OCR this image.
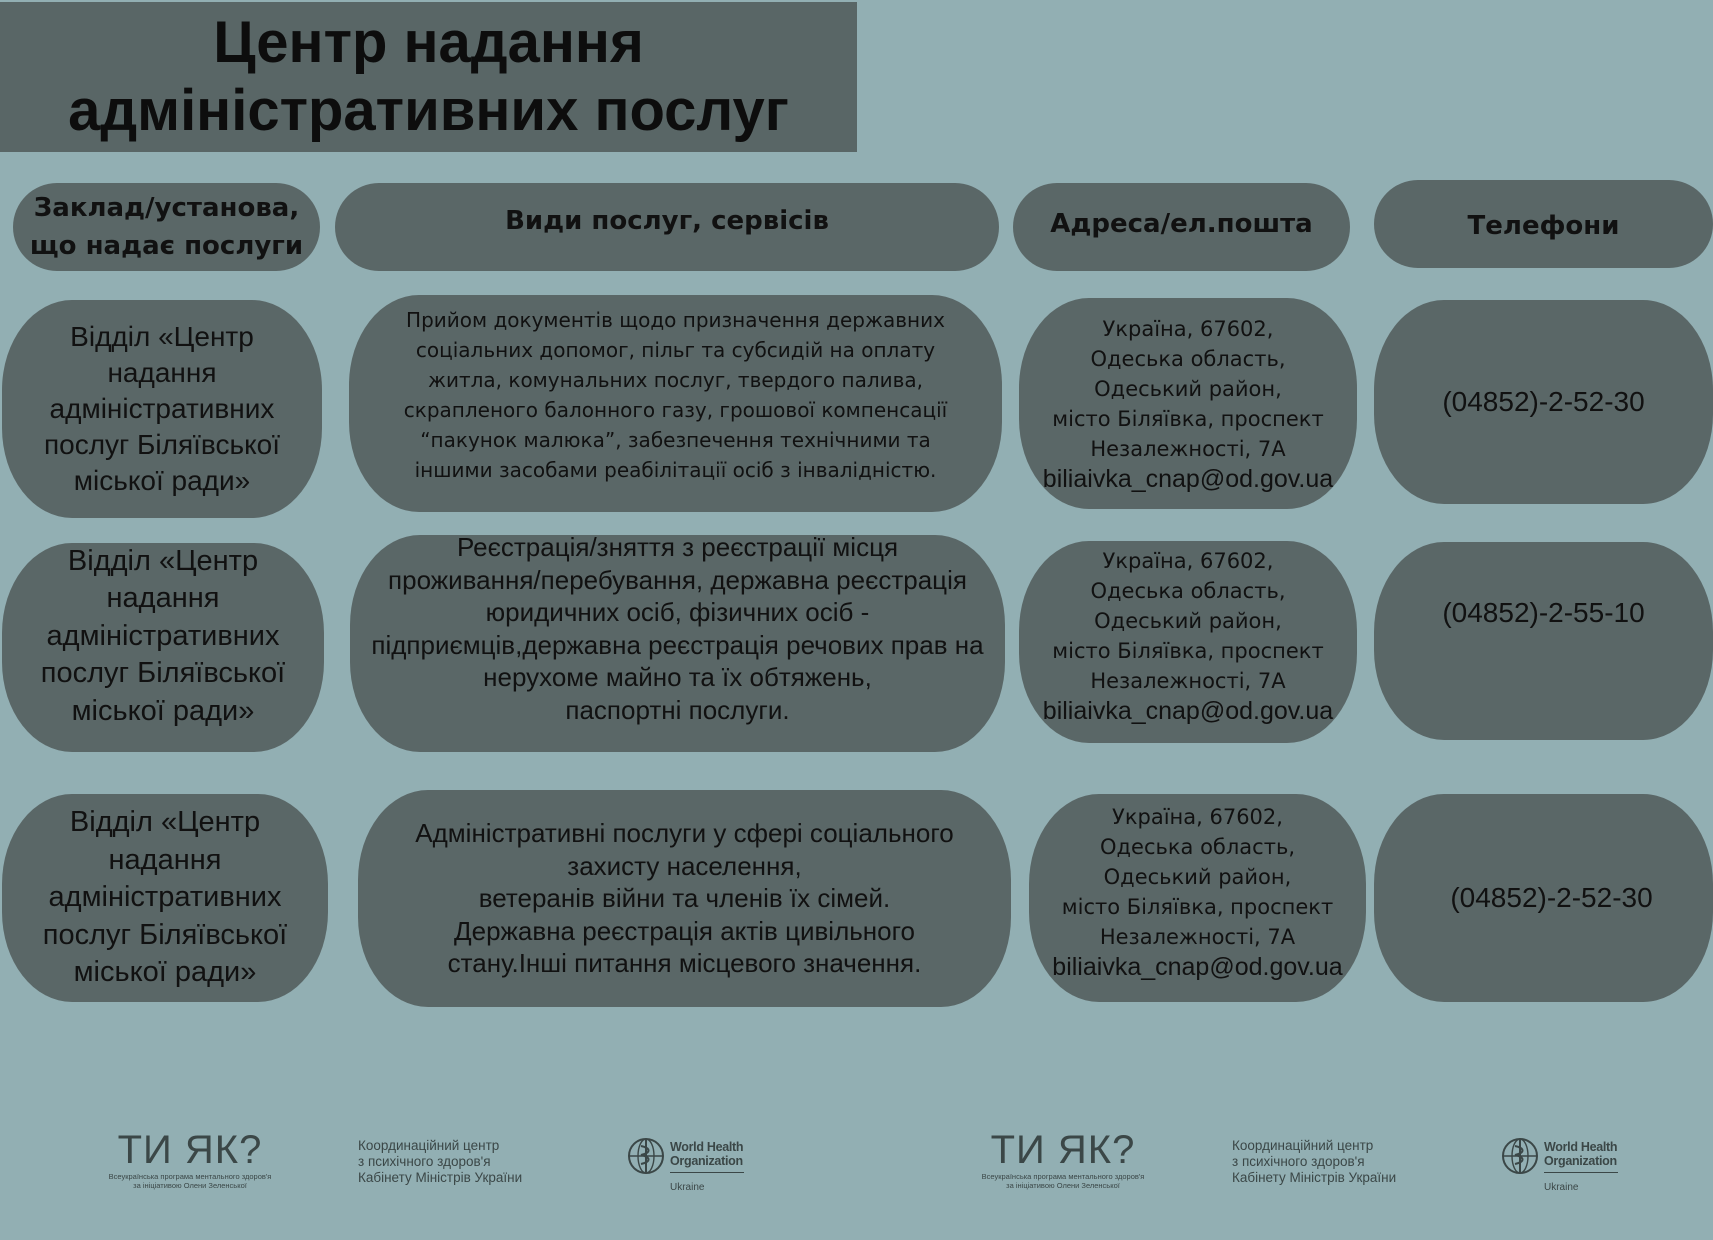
Центр надання
адміністративних послуг
Заклад/установа,
що надає послуги
Види послуг, сервісів	Адреса/ел.пошта	Телефони
Відділ «Центр
надання
адміністративних
послуг Біляївської
міської ради»
Прийом документів щодо призначення державних
соціальних допомог, пільг та субсидій на оплату
житла, комунальних послуг, твердого палива,
скрапленого балонного газу, грошової компенсації
“пакунок малюка”, забезпечення технічними та
іншими засобами реабілітації осіб з інвалідністю.
Україна, 67602,
Одеська область,
Одеський район,
місто Біляївка, проспект
Незалежності, 7А
biliaivka_cnap@od.gov.ua
(04852)-2-52-30
Відділ «Центр
надання
адміністративних
послуг Біляївської
міської ради»
Реєстрація/зняття з реєстрації місця
проживання/перебування, державна реєстрація
юридичних осіб, фізичних осіб -
підприємців,державна реєстрація речових прав на
нерухоме майно та їх обтяжень,
паспортні послуги.
Україна, 67602,
Одеська область,
Одеський район,
місто Біляївка, проспект
Незалежності, 7А
biliaivka_cnap@od.gov.ua
(04852)-2-55-10
Відділ «Центр
надання
адміністративних
послуг Біляївської
міської ради»
Адміністративні послуги у сфері соціального
захисту населення,
ветеранів війни та членів їх сімей.
Державна реєстрація актів цивільного
стану.Інші питання місцевого значення.
Україна, 67602,
Одеська область,
Одеський район,
місто Біляївка, проспект
Незалежності, 7А
biliaivka_cnap@od.gov.ua
(04852)-2-52-30
ТИ ЯК?
Всеукраїнська програма ментального здоров'я
за ініціативою Олени Зеленської
Координаційний центр
з психічного здоров'я
Кабінету Міністрів України
World Health
Organization
Ukraine
ТИ ЯК?
Всеукраїнська програма ментального здоров'я
за ініціативою Олени Зеленської
Координаційний центр
з психічного здоров'я
Кабінету Міністрів України
World Health
Organization
Ukraine
